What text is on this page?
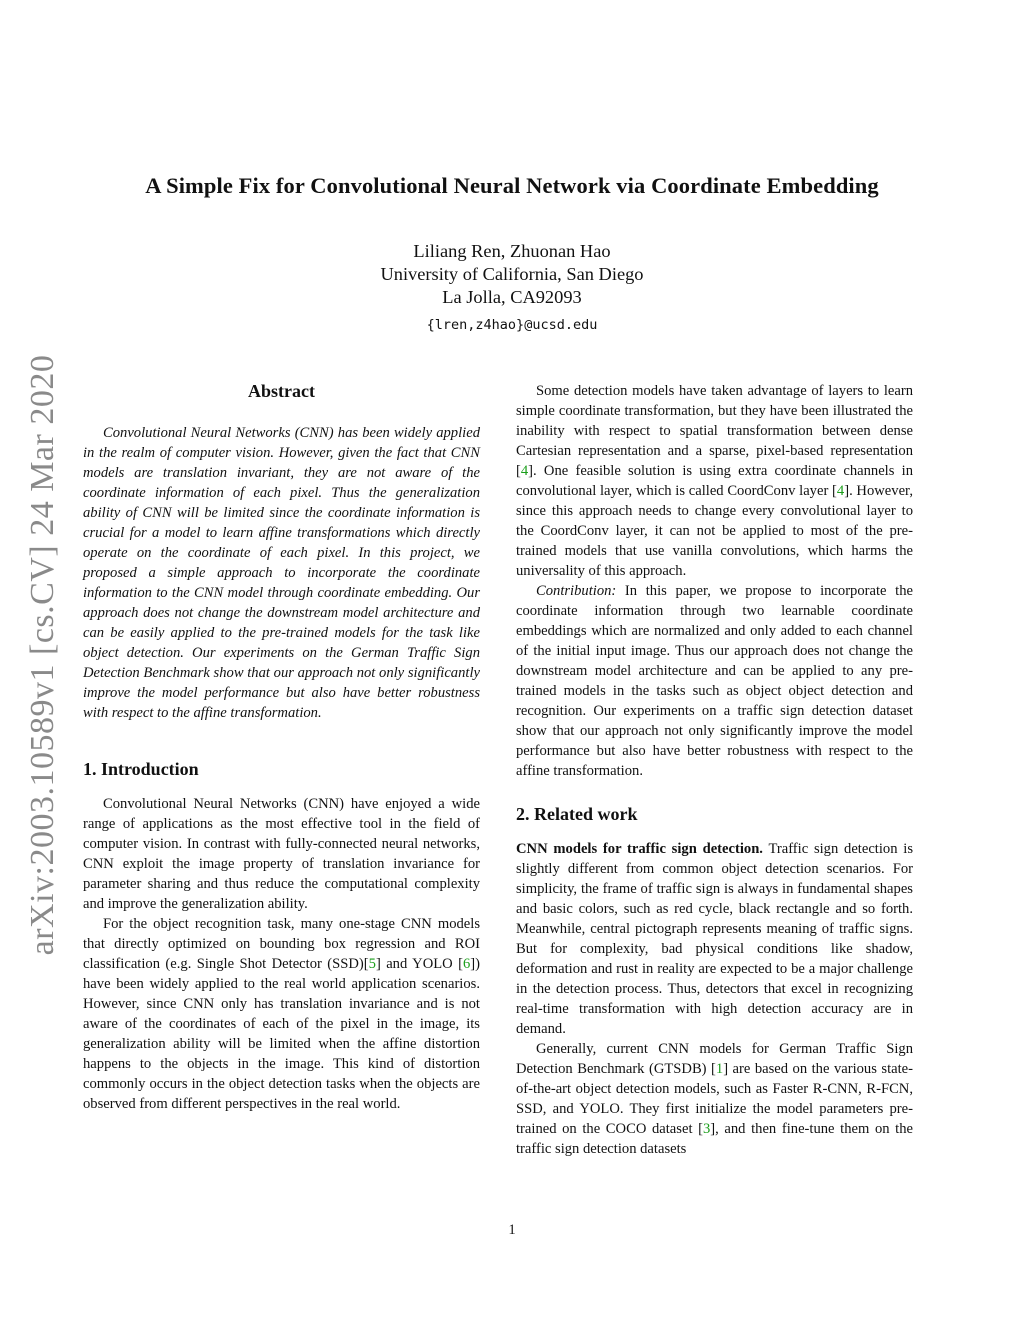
arXiv:2003.10589v1 [cs.CV] 24 Mar 2020
A Simple Fix for Convolutional Neural Network via Coordinate Embedding
Liliang Ren, Zhuonan Hao
University of California, San Diego
La Jolla, CA92093
{lren,z4hao}@ucsd.edu
Abstract

Convolutional Neural Networks (CNN) has been widely applied in the realm of computer vision. However, given the fact that CNN models are translation invariant, they are not aware of the coordinate information of each pixel. Thus the generalization ability of CNN will be limited since the coordinate information is crucial for a model to learn affine transformations which directly operate on the coordinate of each pixel. In this project, we proposed a simple approach to incorporate the coordinate information to the CNN model through coordinate embedding. Our approach does not change the downstream model architecture and can be easily applied to the pre-trained models for the task like object detection. Our experiments on the German Traffic Sign Detection Benchmark show that our approach not only significantly improve the model performance but also have better robustness with respect to the affine transformation.

1. Introduction

Convolutional Neural Networks (CNN) have enjoyed a wide range of applications as the most effective tool in the field of computer vision. In contrast with fully-connected neural networks, CNN exploit the image property of translation invariance for parameter sharing and thus reduce the computational complexity and improve the generalization ability.

For the object recognition task, many one-stage CNN models that directly optimized on bounding box regression and ROI classification (e.g. Single Shot Detector (SSD)[5] and YOLO [6]) have been widely applied to the real world application scenarios. However, since CNN only has translation invariance and is not aware of the coordinates of each of the pixel in the image, its generalization ability will be limited when the affine distortion happens to the objects in the image. This kind of distortion commonly occurs in the object detection tasks when the objects are observed from different perspectives in the real world.

Some detection models have taken advantage of layers to learn simple coordinate transformation, but they have been illustrated the inability with respect to spatial transformation between dense Cartesian representation and a sparse, pixel-based representation [4]. One feasible solution is using extra coordinate channels in convolutional layer, which is called CoordConv layer [4]. However, since this approach needs to change every convolutional layer to the CoordConv layer, it can not be applied to most of the pre-trained models that use vanilla convolutions, which harms the universality of this approach.

Contribution: In this paper, we propose to incorporate the coordinate information through two learnable coordinate embeddings which are normalized and only added to each channel of the initial input image. Thus our approach does not change the downstream model architecture and can be applied to any pre-trained models in the tasks such as object object detection and recognition. Our experiments on a traffic sign detection dataset show that our approach not only significantly improve the model performance but also have better robustness with respect to the affine transformation.

2. Related work

CNN models for traffic sign detection. Traffic sign detection is slightly different from common object detection scenarios. For simplicity, the frame of traffic sign is always in fundamental shapes and basic colors, such as red cycle, black rectangle and so forth. Meanwhile, central pictograph represents meaning of traffic signs. But for complexity, bad physical conditions like shadow, deformation and rust in reality are expected to be a major challenge in the detection process. Thus, detectors that excel in recognizing real-time transformation with high detection accuracy are in demand.

Generally, current CNN models for German Traffic Sign Detection Benchmark (GTSDB) [1] are based on the various state-of-the-art object detection models, such as Faster R-CNN, R-FCN, SSD, and YOLO. They first initialize the model parameters pre-trained on the COCO dataset [3], and then fine-tune them on the traffic sign detection datasets

1
